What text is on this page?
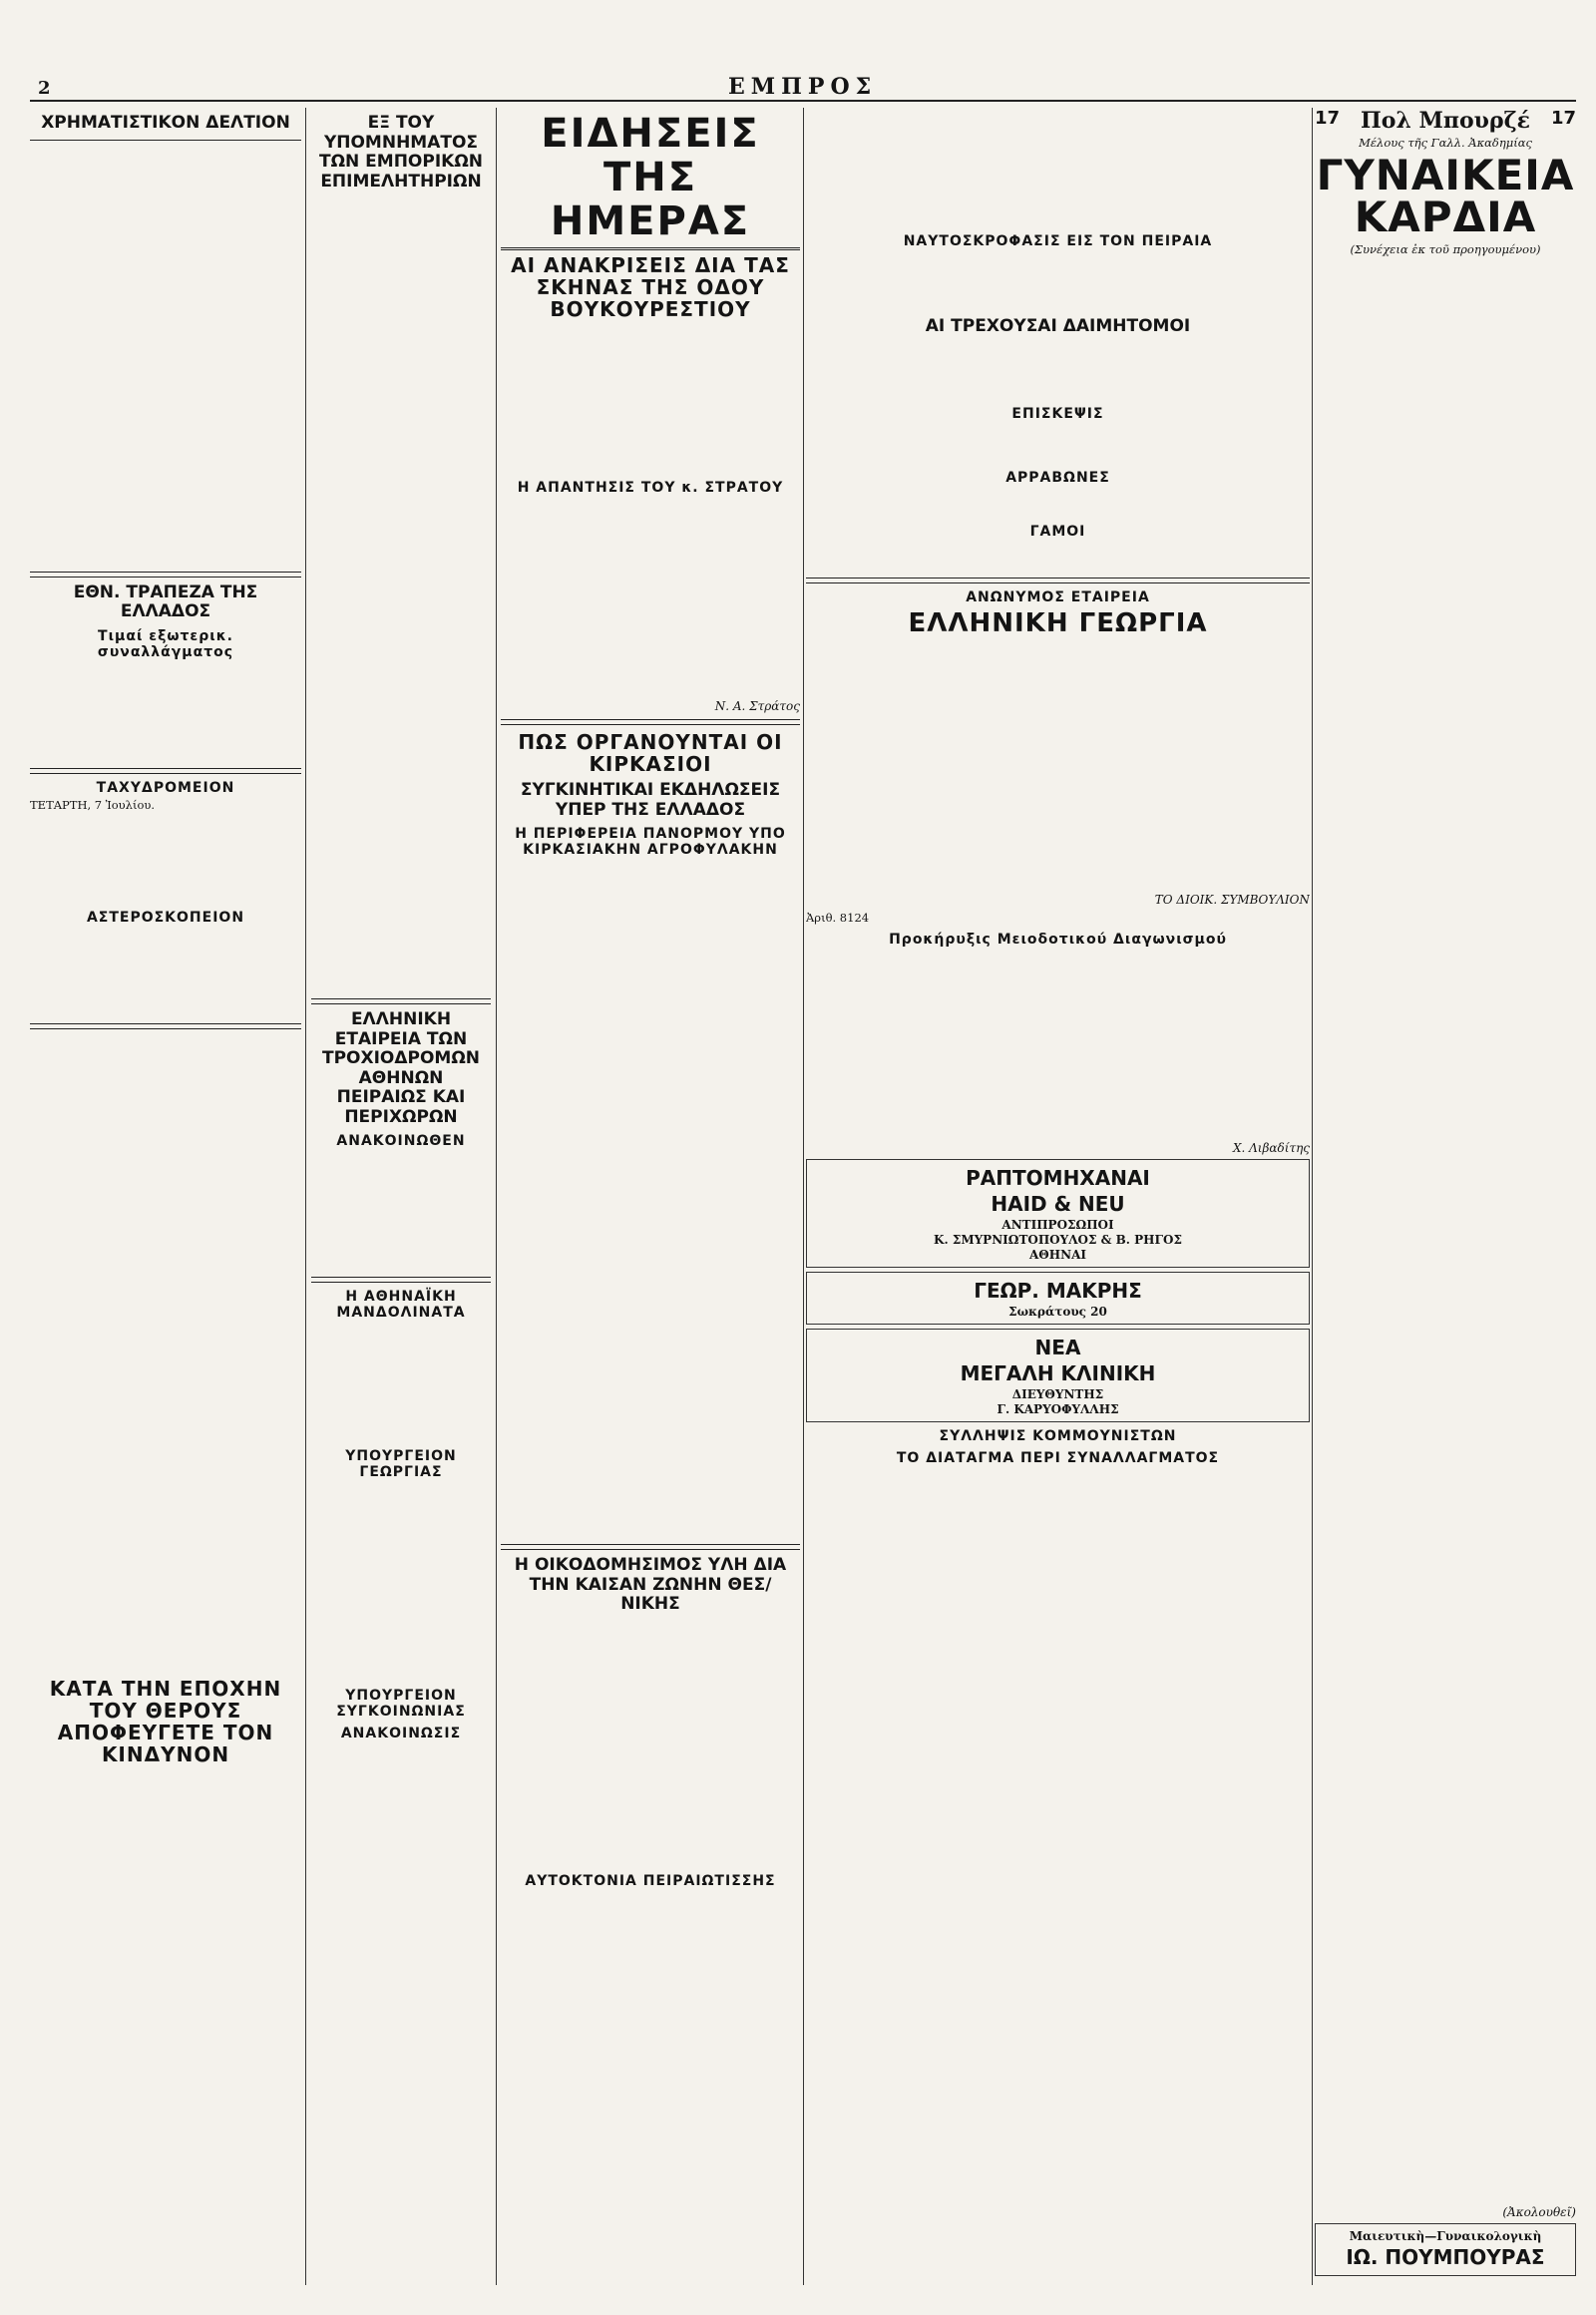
2	ΕΜΠΡΟΣ
ΧΡΗΜΑΤΙΣΤΙΚΟΝ ΔΕΛΤΙΟΝ
ΕΘΝ. ΤΡΑΠΕΖΑ ΤΗΣ ΕΛΛΑΔΟΣ
Τιμαί εξωτερικ. συναλλάγματος
ΤΑΧΥΔΡΟΜΕΙΟΝ

ΤΕΤΑΡΤΗ, 7 Ἰουλίου.

ΑΣΤΕΡΟΣΚΟΠΕΙΟΝ
ΚΑΤΑ ΤΗΝ ΕΠΟΧΗΝ ΤΟΥ ΘΕΡΟΥΣ ΑΠΟΦΕΥΓΕΤΕ ΤΟΝ ΚΙΝΔΥΝΟΝ
ΕΞ ΤΟΥ ΥΠΟΜΝΗΜΑΤΟΣ ΤΩΝ ΕΜΠΟΡΙΚΩΝ ΕΠΙΜΕΛΗΤΗΡΙΩΝ
ΕΛΛΗΝΙΚΗ ΕΤΑΙΡΕΙΑ ΤΩΝ ΤΡΟΧΙΟΔΡΟΜΩΝ ΑΘΗΝΩΝ ΠΕΙΡΑΙΩΣ ΚΑΙ ΠΕΡΙΧΩΡΩΝ
ΑΝΑΚΟΙΝΩΘΕΝ
Η ΑΘΗΝΑΪΚΗ ΜΑΝΔΟΛΙΝΑΤΑ
ΥΠΟΥΡΓΕΙΟΝ ΓΕΩΡΓΙΑΣ
ΥΠΟΥΡΓΕΙΟΝ ΣΥΓΚΟΙΝΩΝΙΑΣ
ΑΝΑΚΟΙΝΩΣΙΣ
ΕΙΔΗΣΕΙΣ ΤΗΣ ΗΜΕΡΑΣ
ΑΙ ΑΝΑΚΡΙΣΕΙΣ ΔΙΑ ΤΑΣ ΣΚΗΝΑΣ ΤΗΣ ΟΔΟΥ ΒΟΥΚΟΥΡΕΣΤΙΟΥ
Η ΑΠΑΝΤΗΣΙΣ ΤΟΥ κ. ΣΤΡΑΤΟΥ

Ν. Α. Στράτος

ΠΩΣ ΟΡΓΑΝΟΥΝΤΑΙ ΟΙ ΚΙΡΚΑΣΙΟΙ
ΣΥΓΚΙΝΗΤΙΚΑΙ ΕΚΔΗΛΩΣΕΙΣ ΥΠΕΡ ΤΗΣ ΕΛΛΑΔΟΣ
Η ΠΕΡΙΦΕΡΕΙΑ ΠΑΝΟΡΜΟΥ ΥΠΟ ΚΙΡΚΑΣΙΑΚΗΝ ΑΓΡΟΦΥΛΑΚΗΝ
Η ΟΙΚΟΔΟΜΗΣΙΜΟΣ ΥΛΗ ΔΙΑ ΤΗΝ ΚΑΙΣΑΝ ΖΩΝΗΝ ΘΕΣ/ΝΙΚΗΣ
ΑΥΤΟΚΤΟΝΙΑ ΠΕΙΡΑΙΩΤΙΣΣΗΣ
ΝΑΥΤΟΣΚΡΟΦΑΣΙΣ ΕΙΣ ΤΟΝ ΠΕΙΡΑΙΑ
ΑΙ ΤΡΕΧΟΥΣΑΙ ΔΑΙΜΗΤΟΜΟΙ
ΕΠΙΣΚΕΨΙΣ
ΑΡΡΑΒΩΝΕΣ
ΓΑΜΟΙ
ΑΝΩΝΥΜΟΣ ΕΤΑΙΡΕΙΑ
ΕΛΛΗΝΙΚΗ ΓΕΩΡΓΙΑ

ΤΟ ΔΙΟΙΚ. ΣΥΜΒΟΥΛΙΟΝ

Ἀριθ. 8124

Προκήρυξις Μειοδοτικού Διαγωνισμού

Χ. Λιβαδίτης

ΡΑΠΤΟΜΗΧΑΝΑΙ
HAID & NEU
ΑΝΤΙΠΡΟΣΩΠΟΙ
Κ. ΣΜΥΡΝΙΩΤΟΠΟΥΛΟΣ & Β. ΡΗΓΟΣ
ΑΘΗΝΑΙ
ΓΕΩΡ. ΜΑΚΡΗΣ
Σωκράτους 20
ΝΕΑ
ΜΕΓΑΛΗ ΚΛΙΝΙΚΗ
ΔΙΕΥΘΥΝΤΗΣ
Γ. ΚΑΡΥΟΦΥΛΛΗΣ
ΣΥΛΛΗΨΙΣ ΚΟΜΜΟΥΝΙΣΤΩΝ
ΤΟ ΔΙΑΤΑΓΜΑ ΠΕΡΙ ΣΥΝΑΛΛΑΓΜΑΤΟΣ
17 Πολ Μπουρζέ	17

Μέλους τῆς Γαλλ. Ἀκαδημίας

ΓΥΝΑΙΚΕΙΑ ΚΑΡΔΙΑ

(Συνέχεια ἐκ τοῦ προηγουμένου)

(Ἀκολουθεῖ)

Μαιευτικὴ—Γυναικολογικὴ
ΙΩ. ΠΟΥΜΠΟΥΡΑΣ
